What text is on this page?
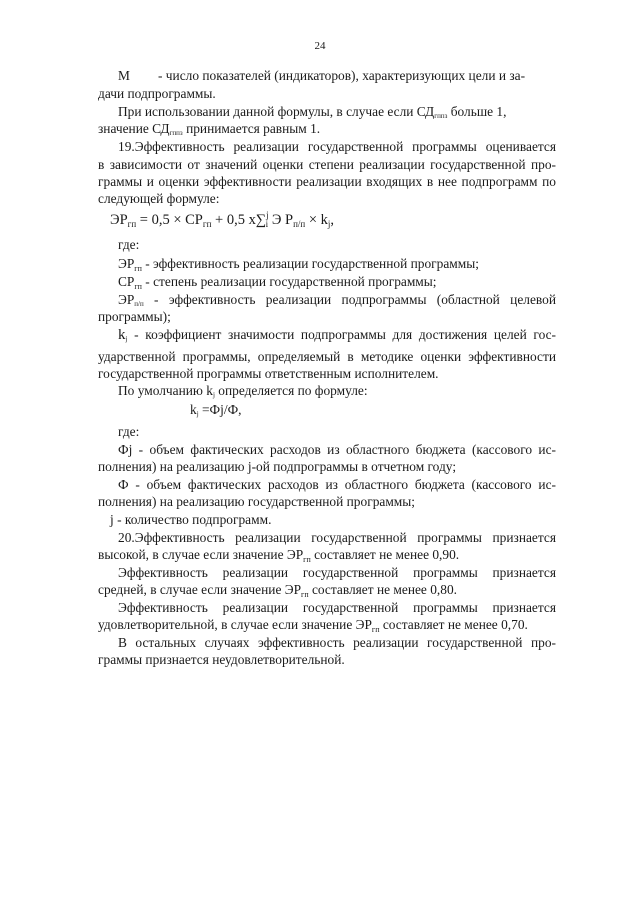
24
М - число показателей (индикаторов), характеризующих цели и за-
дачи подпрограммы.
При использовании данной формулы, в случае если $СД_{гппз}$ больше 1,
значение $СД_{гппз}$ принимается равным 1.
19.Эффективность реализации государственной программы оценивается
в зависимости от значений оценки степени реализации государственной про-
граммы и оценки эффективности реализации входящих в нее подпрограмм по
следующей формуле:
$ЭР_{гп} = 0,5 \times СР_{гп} + 0,5$ x∑$^j_i$ Э $Р_{п/п} \times k_j$,
где:
$ЭР_{гп}$ - эффективность реализации государственной программы;
$СР_{гп}$ - степень реализации государственной программы;
$ЭР_{п/п}$ - эффективность реализации подпрограммы (областной целевой
программы);
$k_j$ - коэффициент значимости подпрограммы для достижения целей гос-
ударственной программы, определяемый в методике оценки эффективности
государственной программы ответственным исполнителем.
По умолчанию $k_j$ определяется по формуле:
$k_j =Фj/Ф$,
где:
Фj - объем фактических расходов из областного бюджета (кассового ис-
полнения) на реализацию j-ой подпрограммы в отчетном году;
Ф - объем фактических расходов из областного бюджета (кассового ис-
полнения) на реализацию государственной программы;
j - количество подпрограмм.
20.Эффективность реализации государственной программы признается
высокой, в случае если значение $ЭР_{гп}$ составляет не менее 0,90.
Эффективность реализации государственной программы признается
средней, в случае если значение $ЭР_{гп}$ составляет не менее 0,80.
Эффективность реализации государственной программы признается
удовлетворительной, в случае если значение $ЭР_{гп}$ составляет не менее 0,70.
В остальных случаях эффективность реализации государственной про-
граммы признается неудовлетворительной.
